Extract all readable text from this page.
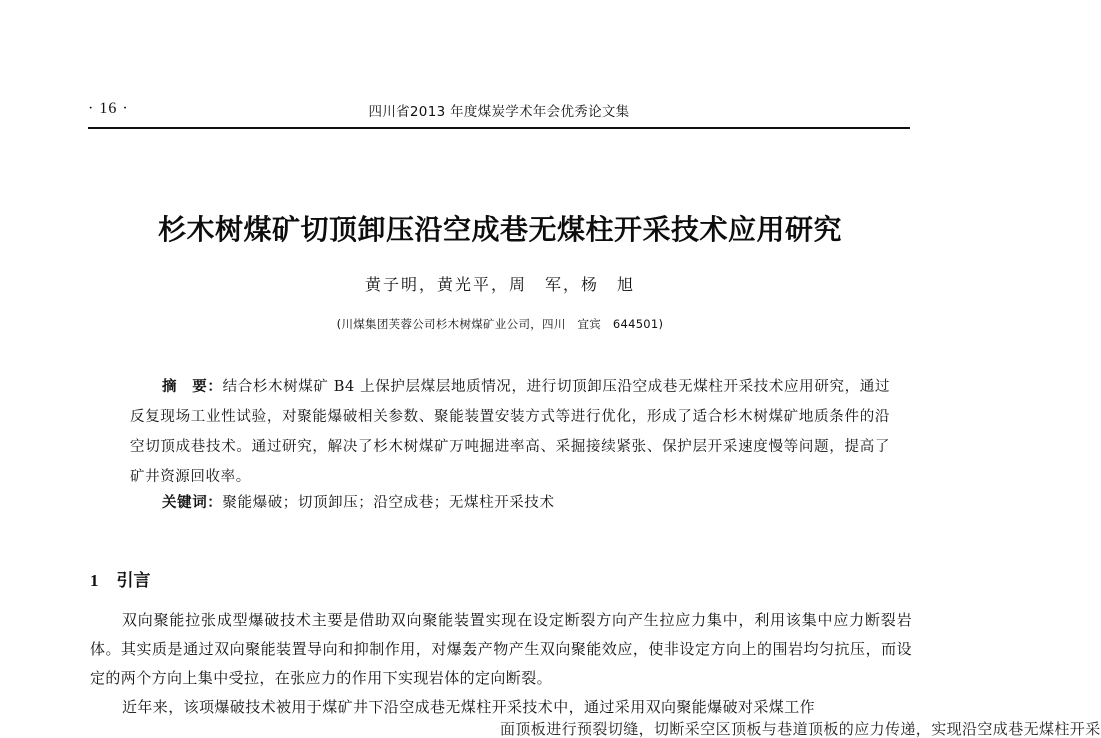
· 16 ·	四川省2013 年度煤炭学术年会优秀论文集
杉木树煤矿切顶卸压沿空成巷无煤柱开采技术应用研究
黄子明，黄光平，周　军，杨　旭
(川煤集团芙蓉公司杉木树煤矿业公司，四川　宜宾　644501)
摘　要：结合杉木树煤矿 B4 上保护层煤层地质情况，进行切顶卸压沿空成巷无煤柱开采技术应用研究，通过反复现场工业性试验，对聚能爆破相关参数、聚能装置安装方式等进行优化，形成了适合杉木树煤矿地质条件的沿空切顶成巷技术。通过研究，解决了杉木树煤矿万吨掘进率高、采掘接续紧张、保护层开采速度慢等问题，提高了矿井资源回收率。
关键词：聚能爆破；切顶卸压；沿空成巷；无煤柱开采技术
1 引言

双向聚能拉张成型爆破技术主要是借助双向聚能装置实现在设定断裂方向产生拉应力集中，利用该集中应力断裂岩体。其实质是通过双向聚能装置导向和抑制作用，对爆轰产物产生双向聚能效应，使非设定方向上的围岩均匀抗压，而设定的两个方向上集中受拉，在张应力的作用下实现岩体的定向断裂。

近年来，该项爆破技术被用于煤矿井下沿空成巷无煤柱开采技术中，通过采用双向聚能爆破对采煤工作

面顶板进行预裂切缝，切断采空区顶板与巷道顶板的应力传递，实现沿空成巷无煤柱开采
